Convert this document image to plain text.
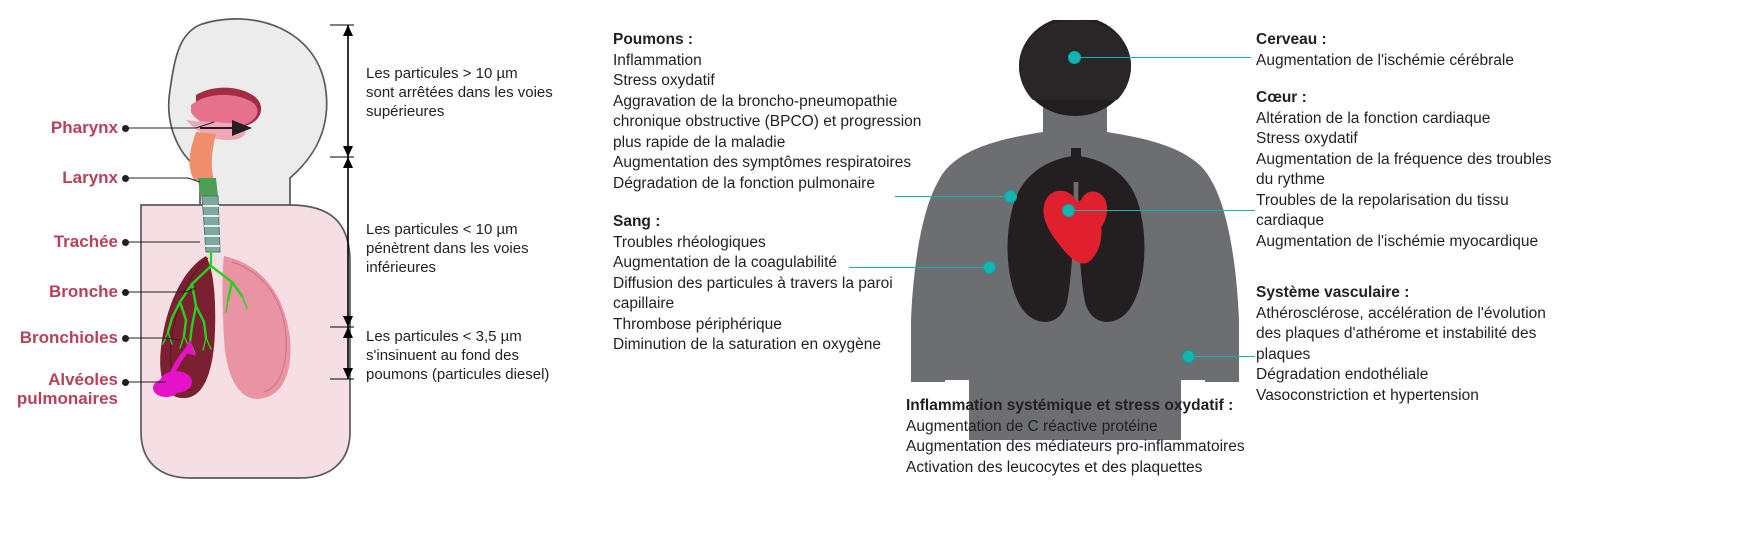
Pharynx
Larynx
Trachée
Bronche
Bronchioles
Alvéoles pulmonaires
Les particules > 10 µm
sont arrêtées dans les voies
supérieures
Les particules < 10 µm
pénètrent dans les voies
inférieures
Les particules < 3,5 µm
s'insinuent au fond des
poumons (particules diesel)
Poumons :
Inflammation
Stress oxydatif
Aggravation de la broncho-pneumopathie
chronique obstructive (BPCO) et progression
plus rapide de la maladie
Augmentation des symptômes respiratoires
Dégradation de la fonction pulmonaire
Sang :
Troubles rhéologiques
Augmentation de la coagulabilité
Diffusion des particules à travers la paroi
capillaire
Thrombose périphérique
Diminution de la saturation en oxygène
Cerveau :
Augmentation de l'ischémie cérébrale
Cœur :
Altération de la fonction cardiaque
Stress oxydatif
Augmentation de la fréquence des troubles
du rythme
Troubles de la repolarisation du tissu
cardiaque
Augmentation de l'ischémie myocardique
Système vasculaire :
Athérosclérose, accélération de l'évolution
des plaques d'athérome et instabilité des
plaques
Dégradation endothéliale
Vasoconstriction et hypertension
Inflammation systémique et stress oxydatif :
Augmentation de C réactive protéine
Augmentation des médiateurs pro-inflammatoires
Activation des leucocytes et des plaquettes
